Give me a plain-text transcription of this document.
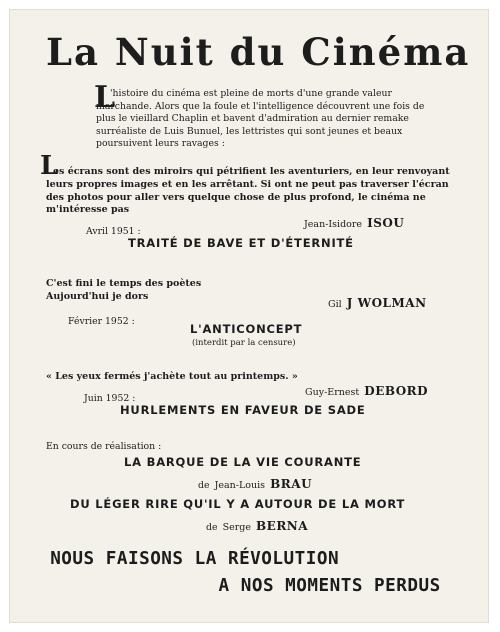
La Nuit du Cinéma
L
'histoire du cinéma est pleine de morts d'une grande valeur marchande. Alors que la foule et l'intelligence découvrent une fois de plus le vieillard Chaplin et bavent d'admiration au dernier remake surréaliste de Luis Bunuel, les lettristes qui sont jeunes et beaux poursuivent leurs ravages :
L
es écrans sont des miroirs qui pétrifient les aventuriers, en leur renvoyant leurs propres images et en les arrêtant. Si ont ne peut pas traverser l'écran des photos pour aller vers quelque chose de plus profond, le cinéma ne m'intéresse pas
Jean-Isidore ISOU
Avril 1951 :
TRAITÉ DE BAVE ET D'ÉTERNITÉ
C'est fini le temps des poètes
Aujourd'hui je dors
Gil J WOLMAN
Février 1952 :
L'ANTICONCEPT
(interdit par la censure)
« Les yeux fermés j'achète tout au printemps. »
Guy-Ernest DEBORD
Juin 1952 :
HURLEMENTS EN FAVEUR DE SADE
En cours de réalisation :
LA BARQUE DE LA VIE COURANTE
de Jean-Louis BRAU
DU LÉGER RIRE QU'IL Y A AUTOUR DE LA MORT
de Serge BERNA
NOUS FAISONS LA RÉVOLUTION
A NOS MOMENTS PERDUS
